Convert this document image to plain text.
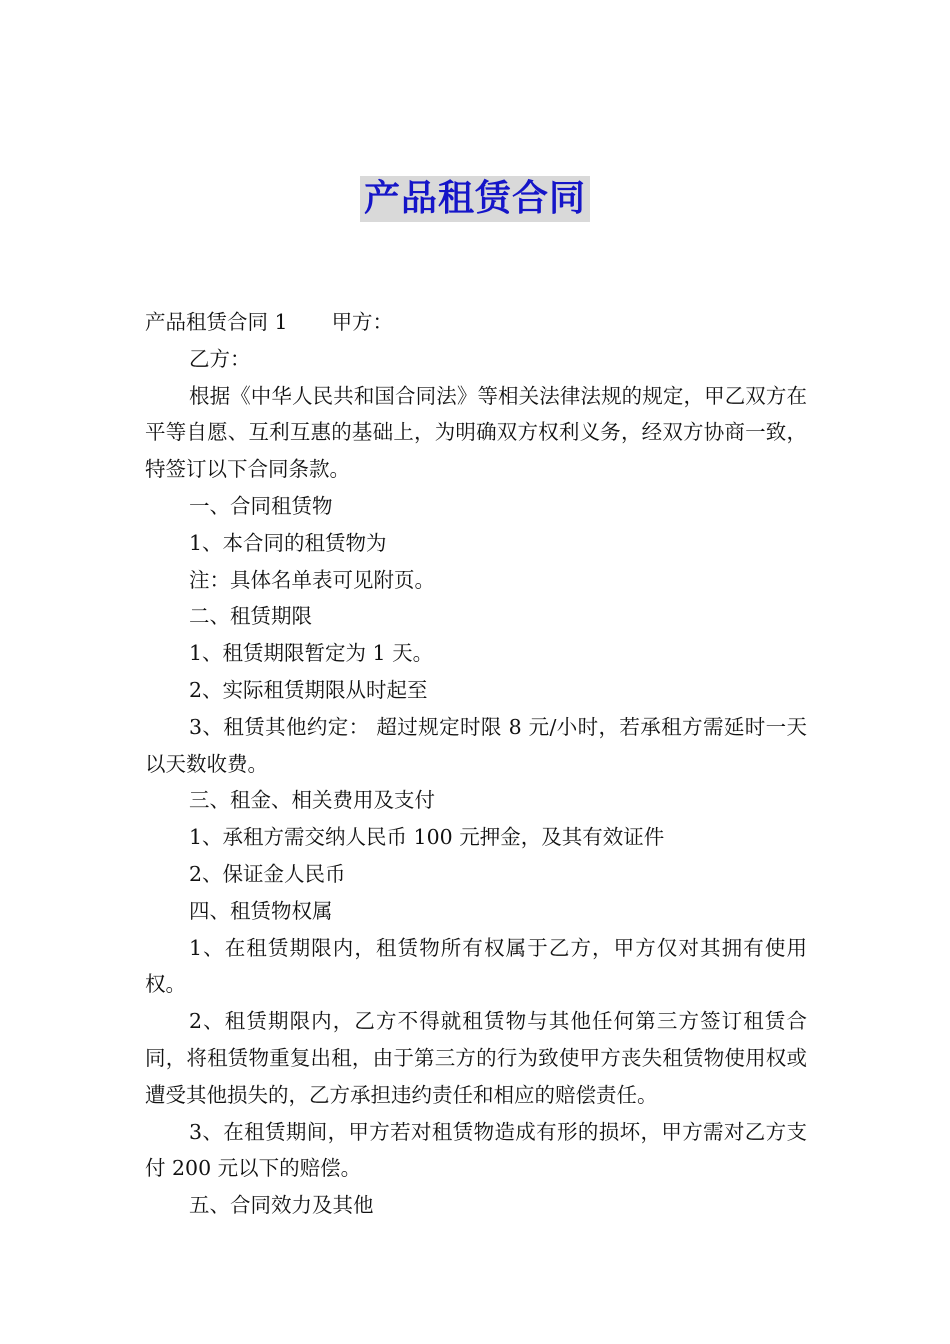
产品租赁合同

产品租赁合同 1 甲方：

乙方：

根据《中华人民共和国合同法》等相关法律法规的规定，甲乙双方在平等自愿、互利互惠的基础上，为明确双方权利义务，经双方协商一致，特签订以下合同条款。

一、合同租赁物

1、本合同的租赁物为

注：具体名单表可见附页。

二、租赁期限

1、租赁期限暂定为 1 天。

2、实际租赁期限从时起至

3、租赁其他约定： 超过规定时限 8 元/小时，若承租方需延时一天以天数收费。

三、租金、相关费用及支付

1、承租方需交纳人民币 100 元押金，及其有效证件

2、保证金人民币

四、租赁物权属

1、在租赁期限内，租赁物所有权属于乙方，甲方仅对其拥有使用权。

2、租赁期限内，乙方不得就租赁物与其他任何第三方签订租赁合同，将租赁物重复出租，由于第三方的行为致使甲方丧失租赁物使用权或遭受其他损失的，乙方承担违约责任和相应的赔偿责任。

3、在租赁期间，甲方若对租赁物造成有形的损坏，甲方需对乙方支付 200 元以下的赔偿。

五、合同效力及其他
